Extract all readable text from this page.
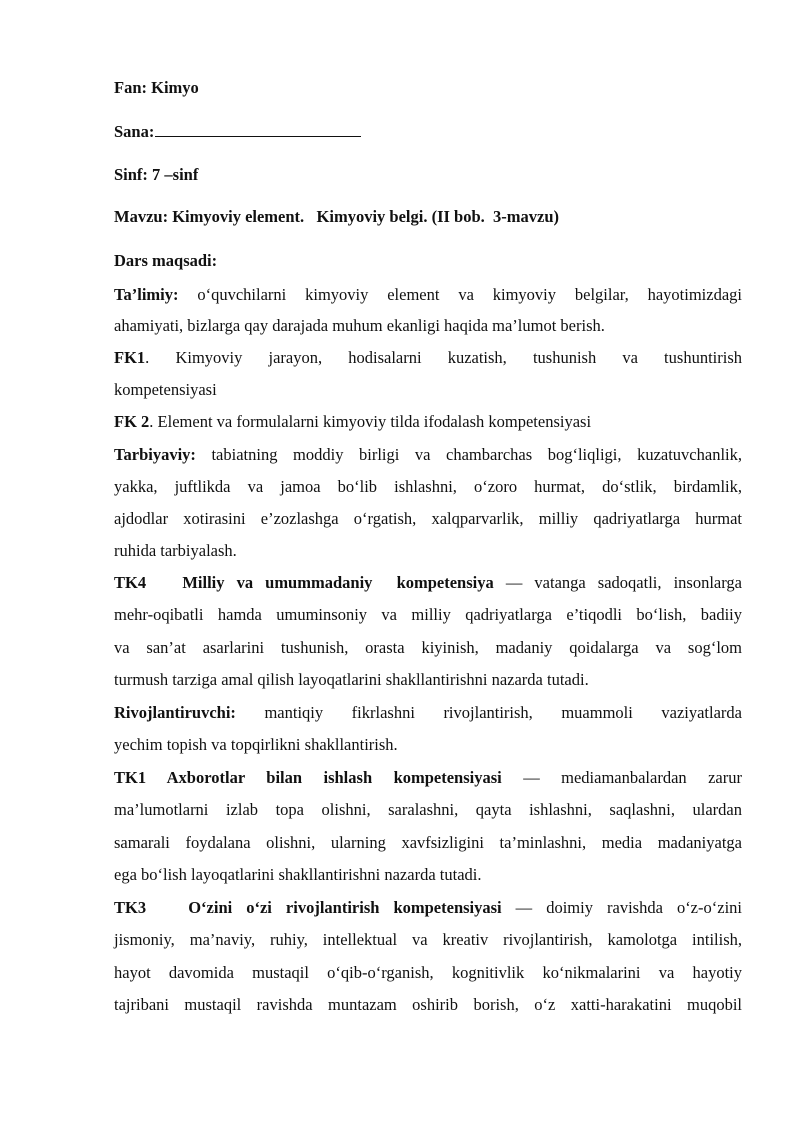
Fan: Kimyo
Sana:
Sinf: 7 –sinf
Mavzu: Kimyoviy element.   Kimyoviy belgi. (II bob.  3-mavzu)
Dars maqsadi:
Ta’limiy: o‘quvchilarni kimyoviy element va kimyoviy belgilar, hayotimizdagi
ahamiyati, bizlarga qay darajada muhum ekanligi haqida ma’lumot berish.
FK1. Kimyoviy jarayon, hodisalarni kuzatish, tushunish va tushuntirish
kompetensiyasi
FK 2. Element va formulalarni kimyoviy tilda ifodalash kompetensiyasi
Tarbiyaviy: tabiatning moddiy birligi va chambarchas bog‘liqligi, kuzatuvchanlik,
yakka, juftlikda va jamoa bo‘lib ishlashni, o‘zoro hurmat, do‘stlik, birdamlik,
ajdodlar xotirasini e’zozlashga o‘rgatish, xalqparvarlik, milliy qadriyatlarga hurmat
ruhida tarbiyalash.
TK4   Milliy va umummadaniy  kompetensiya — vatanga sadoqatli, insonlarga
mehr-oqibatli hamda umuminsoniy va milliy qadriyatlarga e’tiqodli bo‘lish, badiiy
va san’at asarlarini tushunish, orasta kiyinish, madaniy qoidalarga va sog‘lom
turmush tarziga amal qilish layoqatlarini shakllantirishni nazarda tutadi.
Rivojlantiruvchi: mantiqiy fikrlashni rivojlantirish, muammoli vaziyatlarda
yechim topish va topqirlikni shakllantirish.
TK1 Axborotlar bilan ishlash kompetensiyasi — mediamanbalardan zarur
ma’lumotlarni izlab topa olishni, saralashni, qayta ishlashni, saqlashni, ulardan
samarali foydalana olishni, ularning xavfsizligini ta’minlashni, media madaniyatga
ega bo‘lish layoqatlarini shakllantirishni nazarda tutadi.
TK3   O‘zini o‘zi rivojlantirish kompetensiyasi — doimiy ravishda o‘z-o‘zini
jismoniy, ma’naviy, ruhiy, intellektual va kreativ rivojlantirish, kamolotga intilish,
hayot davomida mustaqil o‘qib-o‘rganish, kognitivlik ko‘nikmalarini va hayotiy
tajribani mustaqil ravishda muntazam oshirib borish, o‘z xatti-harakatini muqobil
